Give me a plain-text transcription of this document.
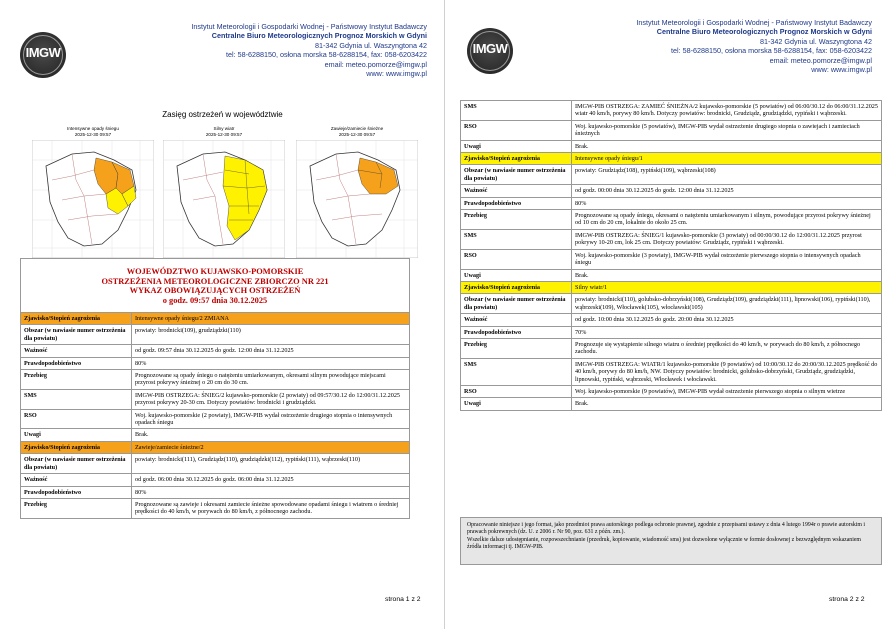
IMGW
Instytut Meteorologii i Gospodarki Wodnej - Państwowy Instytut Badawczy
Centralne Biuro Meteorologicznych Prognoz Morskich w Gdyni
81-342 Gdynia ul. Waszyngtona 42
tel: 58-6288150, osłona morska 58-6288154, fax: 058-6203422
email: meteo.pomorze@imgw.pl
www: www.imgw.pl
Zasięg ostrzeżeń w województwie
Intensywne opady śniegu
2025-12-30 09:57
Silny wiatr
2025-12-30 09:57
Zawieje/zamiecie śnieżne
2025-12-30 09:57
WOJEWÓDZTWO KUJAWSKO-POMORSKIE
OSTRZEŻENIA METEOROLOGICZNE ZBIORCZO NR 221
WYKAZ OBOWIĄZUJĄCYCH OSTRZEŻEŃ
o godz. 09:57 dnia 30.12.2025
Zjawisko/Stopień zagrożenia	Intensywne opady śniegu/2 ZMIANA
Obszar (w nawiasie numer ostrzeżenia dla powiatu)	powiaty: brodnicki(109), grudziądzki(110)
Ważność	od godz. 09:57 dnia 30.12.2025 do godz. 12:00 dnia 31.12.2025
Prawdopodobieństwo	80%
Przebieg	Prognozowane są opady śniegu o natężeniu umiarkowanym, okresami silnym powodujące miejscami przyrost pokrywy śnieżnej o 20 cm do 30 cm.
SMS	IMGW-PIB OSTRZEGA: ŚNIEG/2 kujawsko-pomorskie (2 powiaty) od 09:57/30.12 do 12:00/31.12.2025 przyrost pokrywy 20-30 cm. Dotyczy powiatów: brodnicki i grudziądzki.
RSO	Woj. kujawsko-pomorskie (2 powiaty), IMGW-PIB wydał ostrzeżenie drugiego stopnia o intensywnych opadach śniegu
Uwagi	Brak.
Zjawisko/Stopień zagrożenia	Zawieje/zamiecie śnieżne/2
Obszar (w nawiasie numer ostrzeżenia dla powiatu)	powiaty: brodnicki(111), Grudziądz(110), grudziądzki(112), rypiński(111), wąbrzeski(110)
Ważność	od godz. 06:00 dnia 30.12.2025 do godz. 06:00 dnia 31.12.2025
Prawdopodobieństwo	80%
Przebieg	Prognozowane są zawieje i okresami zamiecie śnieżne spowodowane opadami śniegu i wiatrem o średniej prędkości do 40 km/h, w porywach do 80 km/h, z północnego zachodu.
strona 1 z 2
IMGW
Instytut Meteorologii i Gospodarki Wodnej - Państwowy Instytut Badawczy
Centralne Biuro Meteorologicznych Prognoz Morskich w Gdyni
81-342 Gdynia ul. Waszyngtona 42
tel: 58-6288150, osłona morska 58-6288154, fax: 058-6203422
email: meteo.pomorze@imgw.pl
www: www.imgw.pl
SMS	IMGW-PIB OSTRZEGA: ZAMIEĆ ŚNIEŻNA/2 kujawsko-pomorskie (5 powiatów) od 06:00/30.12 do 06:00/31.12.2025 wiatr 40 km/h, porywy 80 km/h. Dotyczy powiatów: brodnicki, Grudziądz, grudziądzki, rypiński i wąbrzeski.
RSO	Woj. kujawsko-pomorskie (5 powiatów), IMGW-PIB wydał ostrzeżenie drugiego stopnia o zawiejach i zamieciach śnieżnych
Uwagi	Brak.
Zjawisko/Stopień zagrożenia	Intensywne opady śniegu/1
Obszar (w nawiasie numer ostrzeżenia dla powiatu)	powiaty: Grudziądz(108), rypiński(109), wąbrzeski(108)
Ważność	od godz. 00:00 dnia 30.12.2025 do godz. 12:00 dnia 31.12.2025
Prawdopodobieństwo	80%
Przebieg	Prognozowane są opady śniegu, okresami o natężeniu umiarkowanym i silnym, powodujące przyrost pokrywy śnieżnej od 10 cm do 20 cm, lokalnie do około 25 cm.
SMS	IMGW-PIB OSTRZEGA: ŚNIEG/1 kujawsko-pomorskie (3 powiaty) od 00:00/30.12 do 12:00/31.12.2025 przyrost pokrywy 10-20 cm, lok 25 cm. Dotyczy powiatów: Grudziądz, rypiński i wąbrzeski.
RSO	Woj. kujawsko-pomorskie (3 powiaty), IMGW-PIB wydał ostrzeżenie pierwszego stopnia o intensywnych opadach śniegu
Uwagi	Brak.
Zjawisko/Stopień zagrożenia	Silny wiatr/1
Obszar (w nawiasie numer ostrzeżenia dla powiatu)	powiaty: brodnicki(110), golubsko-dobrzyński(108), Grudziądz(109), grudziądzki(111), lipnowski(106), rypiński(110), wąbrzeski(109), Włocławek(105), włocławski(105)
Ważność	od godz. 10:00 dnia 30.12.2025 do godz. 20:00 dnia 30.12.2025
Prawdopodobieństwo	70%
Przebieg	Prognozuje się wystąpienie silnego wiatru o średniej prędkości do 40 km/h, w porywach do 80 km/h, z północnego zachodu.
SMS	IMGW-PIB OSTRZEGA: WIATR/1 kujawsko-pomorskie (9 powiatów) od 10:00/30.12 do 20:00/30.12.2025 prędkość do 40 km/h, porywy do 80 km/h, NW. Dotyczy powiatów: brodnicki, golubsko-dobrzyński, Grudziądz, grudziądzki, lipnowski, rypiński, wąbrzeski, Włocławek i włocławski.
RSO	Woj. kujawsko-pomorskie (9 powiatów), IMGW-PIB wydał ostrzeżenie pierwszego stopnia o silnym wietrze
Uwagi	Brak.
strona 2 z 2
Opracowanie niniejsze i jego format, jako przedmiot prawa autorskiego podlega ochronie prawnej, zgodnie z przepisami ustawy z dnia 4 lutego 1994r o prawie autorskim i prawach pokrewnych (dz. U. z 2006 r. Nr 90, poz. 631 z późn. zm.).
Wszelkie dalsze udostępnianie, rozpowszechnianie (przedruk, kopiowanie, wiadomość sms) jest dozwolone wyłącznie w formie dosłownej z bezwzględnym wskazaniem źródła informacji tj. IMGW-PIB.
